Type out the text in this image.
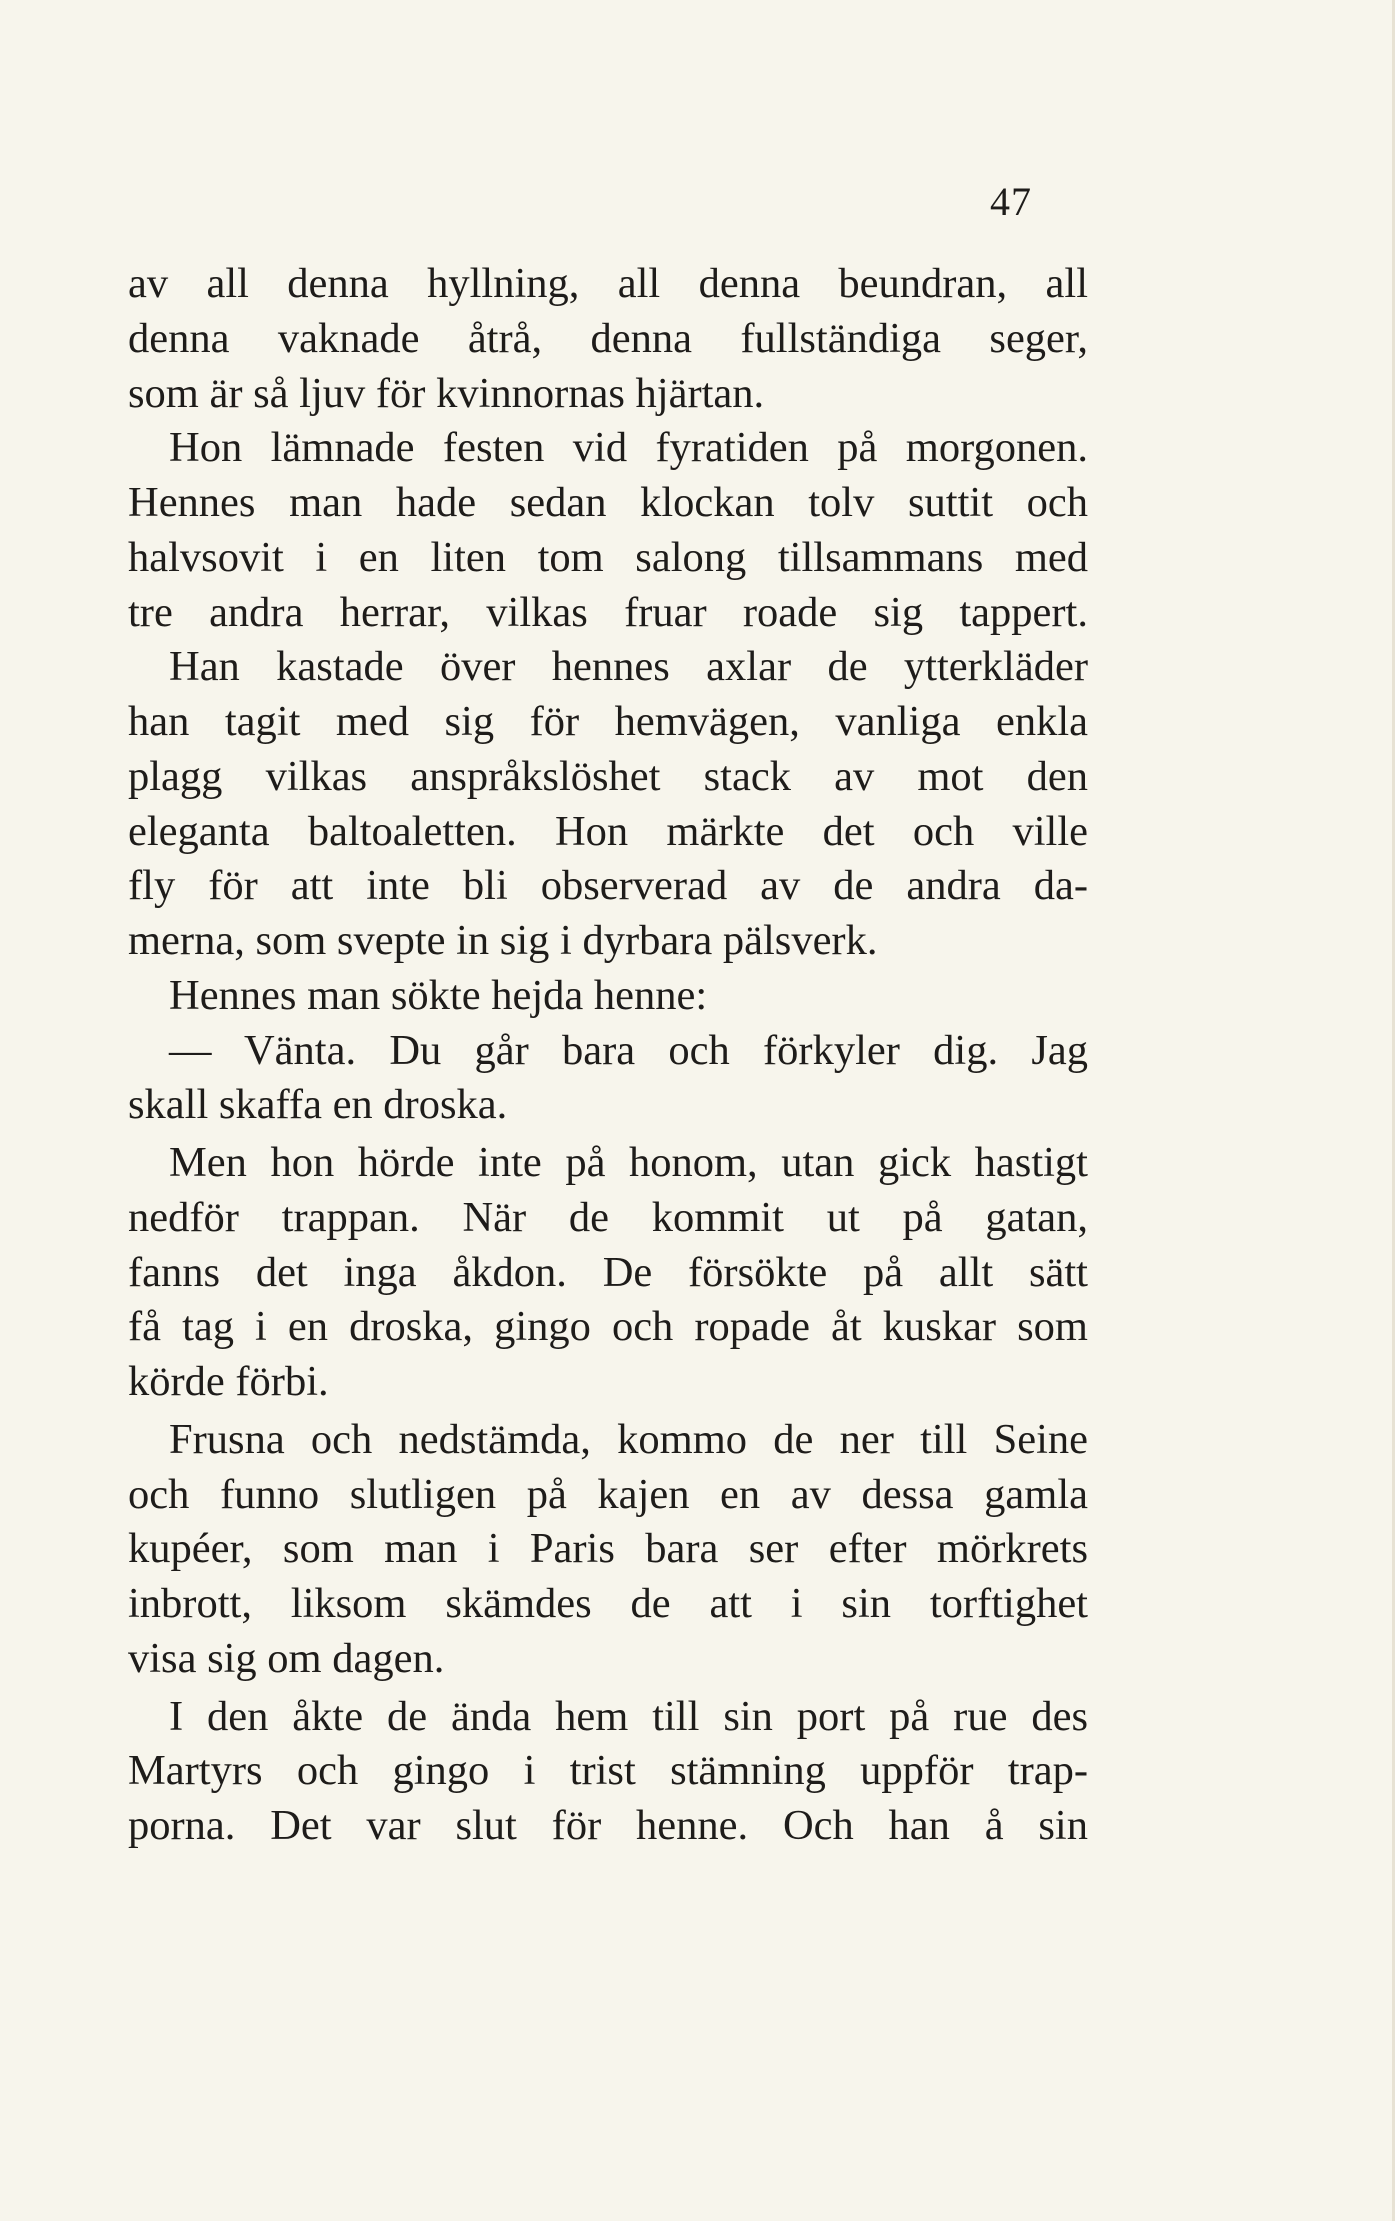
47
av all denna hyllning, all denna beundran, all
denna vaknade åtrå, denna fullständiga seger,
som är så ljuv för kvinnornas hjärtan.
Hon lämnade festen vid fyratiden på morgonen.
Hennes man hade sedan klockan tolv suttit och
halvsovit i en liten tom salong tillsammans med
tre andra herrar, vilkas fruar roade sig tappert.
Han kastade över hennes axlar de ytterkläder
han tagit med sig för hemvägen, vanliga enkla
plagg vilkas anspråkslöshet stack av mot den
eleganta baltoaletten. Hon märkte det och ville
fly för att inte bli observerad av de andra da-
merna, som svepte in sig i dyrbara pälsverk.
Hennes man sökte hejda henne:
— Vänta. Du går bara och förkyler dig. Jag
skall skaffa en droska.
Men hon hörde inte på honom, utan gick hastigt
nedför trappan. När de kommit ut på gatan,
fanns det inga åkdon. De försökte på allt sätt
få tag i en droska, gingo och ropade åt kuskar som
körde förbi.
Frusna och nedstämda, kommo de ner till Seine
och funno slutligen på kajen en av dessa gamla
kupéer, som man i Paris bara ser efter mörkrets
inbrott, liksom skämdes de att i sin torftighet
visa sig om dagen.
I den åkte de ända hem till sin port på rue des
Martyrs och gingo i trist stämning uppför trap-
porna. Det var slut för henne. Och han å sin
